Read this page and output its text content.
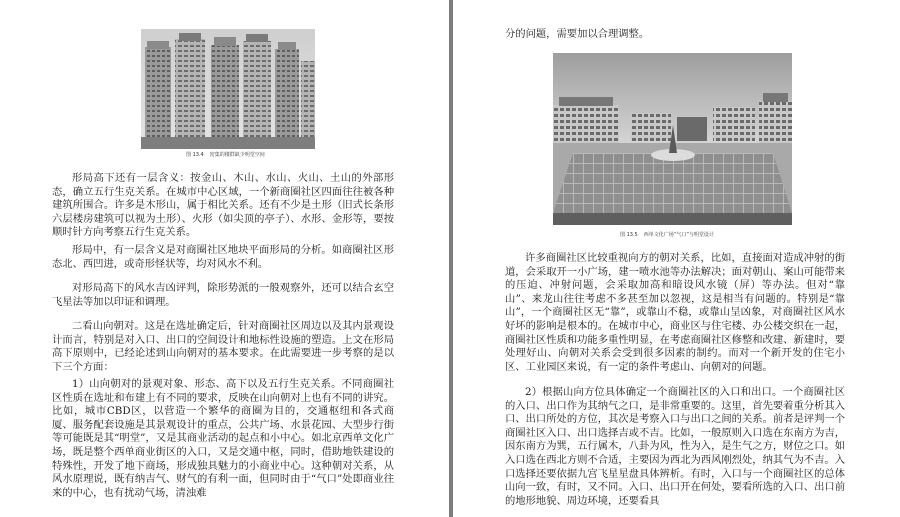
图 13.4 密集的楼群缺少明堂空间

形局高下还有一层含义：按金山、木山、水山、火山、土山的外部形态，确立五行生克关系。在城市中心区域，一个新商圈社区四面往往被各种建筑所围合。许多是木形山，属于相比关系。还有不少是土形（旧式长条形六层楼房建筑可以视为土形）、火形（如尖顶的亭子）、水形、金形等，要按顺时针方向考察五行生克关系。

形局中，有一层含义是对商圈社区地块平面形局的分析。如商圈社区形态北、西凹进，或奇形怪状等，均对风水不利。

对形局高下的风水吉凶评判，除形势派的一般观察外，还可以结合玄空飞星法等加以印证和调理。

二看山向朝对。这是在选址确定后，针对商圈社区周边以及其内景观设计而言，特别是对入口、出口的空间设计和地标性设施的塑造。上文在形局高下原则中，已经论述到山向朝对的基本要求。在此需要进一步考察的是以下三个方面：

1）山向朝对的景观对象、形态、高下以及五行生克关系。不同商圈社区性质在选址和布建上有不同的要求，反映在山向朝对上也有不同的讲究。比如，城市CBD区，以营造一个繁华的商圈为目的，交通枢纽和各式商厦、服务配套设施是其景观设计的重点，公共广场、水景花园、大型步行街等可能既是其“明堂”，又是其商业活动的起点和小中心。如北京西单文化广场，既是整个西单商业街区的入口，又是交通中枢，同时，借助地铁建设的特殊性，开发了地下商场，形成独具魅力的小商业中心。这种朝对关系，从风水原理说，既有纳吉气、财气的有利一面，但同时由于“气口”处即商业往来的中心，也有扰动气场，清浊难

分的问题，需要加以合理调整。

图 13.5 西单文化广场“气口”与明堂设计

许多商圈社区比较重视向方的朝对关系，比如，直接面对造成冲射的街道，会采取开一小广场，建一喷水池等办法解决；面对朝山、案山可能带来的压迫、冲射问题，会采取加高和暗设风水镜（屏）等办法。但对“靠山”、来龙山往往考虑不多甚至加以忽视，这是相当有问题的。特别是“靠山”，一个商圈社区无“靠”，或靠山不稳，或靠山呈凶象，对商圈社区风水好坏的影响是根本的。在城市中心，商业区与住宅楼、办公楼交织在一起，商圈社区性质和功能多重性明显，在考虑商圈社区修整和改建、新建时，要处理好山、向朝对关系会受到很多因素的制约。而对一个新开发的住宅小区、工业园区来说，有一定的条件考虑山、向朝对的问题。

2）根据山向方位具体确定一个商圈社区的入口和出口。一个商圈社区的入口、出口作为其纳气之口，是非常重要的。这里，首先要着重分析其入口、出口所处的方位，其次是考察入口与出口之间的关系。前者是评判一个商圈社区入口、出口选择吉或不吉。比如，一般原则入口选在东南方为吉，因东南方为巽，五行属木，八卦为风，性为入，是生气之方，财位之口。如入口选在西北方则不合适，主要因为西北为西风刚烈处，纳其气为不吉。入口选择还要依据九宫飞星星盘具体辨析。有时，入口与一个商圈社区的总体山向一致，有时，又不同。入口、出口开在何处，要看所选的入口、出口前的地形地貌、周边环境，还要看具
